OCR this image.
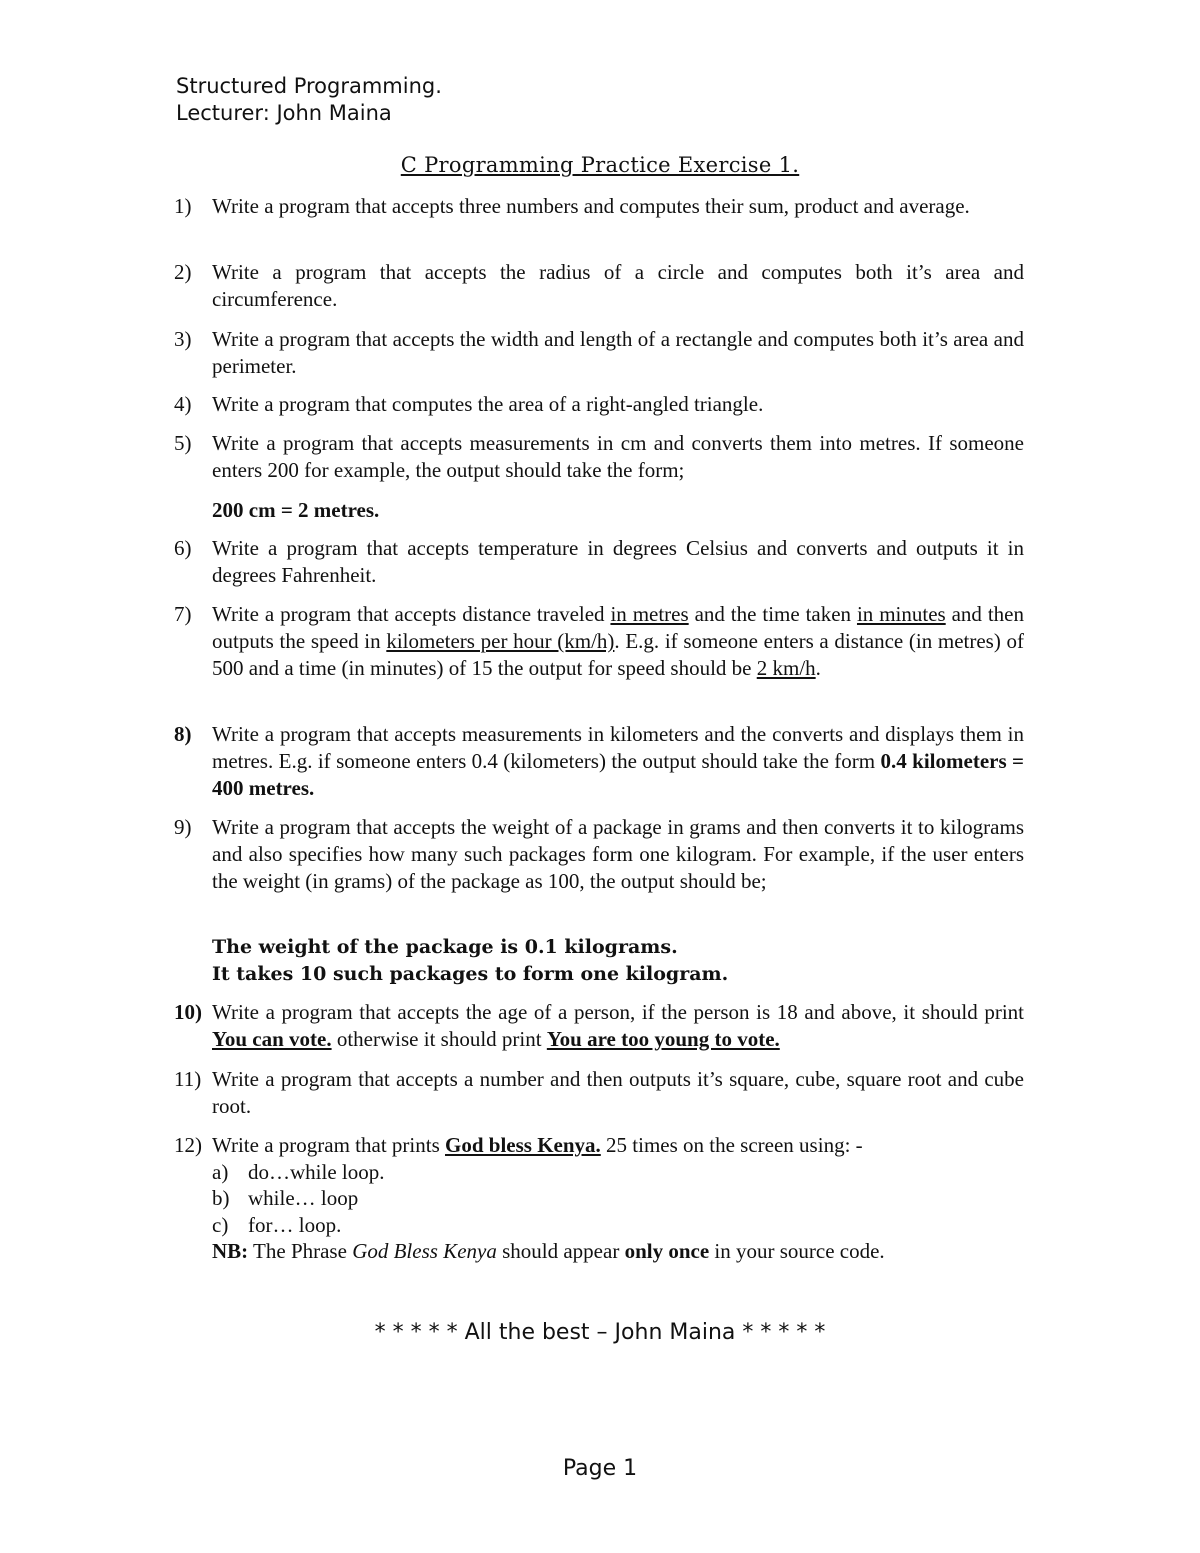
Structured Programming.
Lecturer: John Maina
C Programming Practice Exercise 1.
1) Write a program that accepts three numbers and computes their sum, product and average.
2) Write a program that accepts the radius of a circle and computes both it’s area and circumference.
3) Write a program that accepts the width and length of a rectangle and computes both it’s area and perimeter.
4) Write a program that computes the area of a right-angled triangle.
5) Write a program that accepts measurements in cm and converts them into metres. If someone enters 200 for example, the output should take the form;
200 cm = 2 metres.
6) Write a program that accepts temperature in degrees Celsius and converts and outputs it in degrees Fahrenheit.
7) Write a program that accepts distance traveled in metres and the time taken in minutes and then outputs the speed in kilometers per hour (km/h). E.g. if someone enters a distance (in metres) of 500 and a time (in minutes) of 15 the output for speed should be 2 km/h.
8) Write a program that accepts measurements in kilometers and the converts and displays them in metres. E.g. if someone enters 0.4 (kilometers) the output should take the form 0.4 kilometers = 400 metres.
9) Write a program that accepts the weight of a package in grams and then converts it to kilograms and also specifies how many such packages form one kilogram. For example, if the user enters the weight (in grams) of the package as 100, the output should be;
The weight of the package is 0.1 kilograms.
It takes 10 such packages to form one kilogram.
10) Write a program that accepts the age of a person, if the person is 18 and above, it should print You can vote. otherwise it should print You are too young to vote.
11) Write a program that accepts a number and then outputs it’s square, cube, square root and cube root.
12) Write a program that prints God bless Kenya. 25 times on the screen using: -
a) do…while loop.
b) while… loop
c) for… loop.
NB: The Phrase God Bless Kenya should appear only once in your source code.
* * * * * All the best – John Maina * * * * *
Page 1
